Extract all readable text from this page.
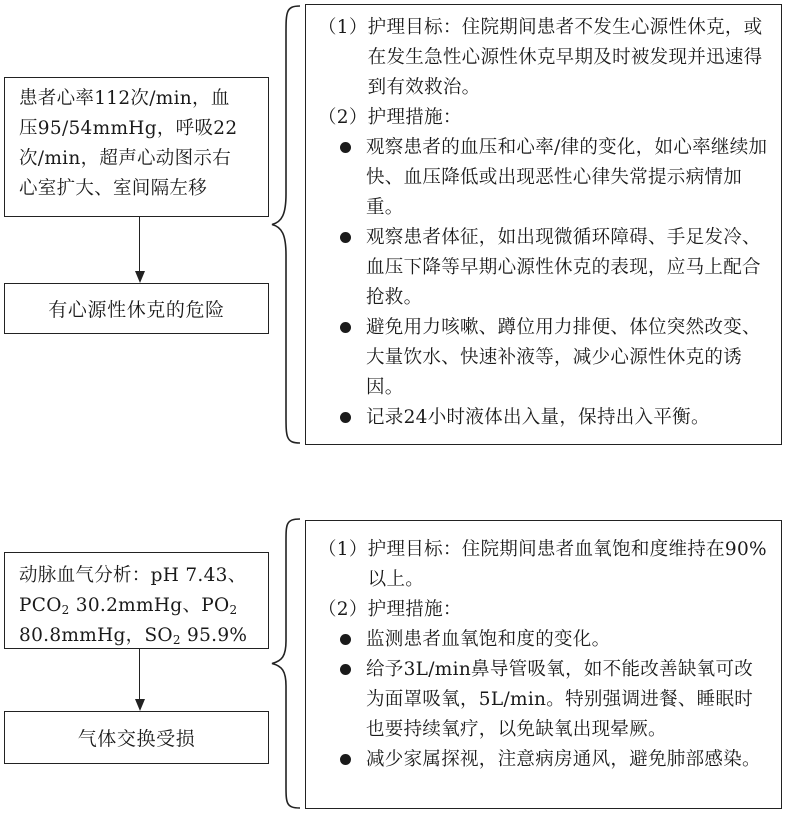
患者心率112次/min，血
压95/54mmHg，呼吸22
次/min，超声心动图示右
心室扩大、室间隔左移
有心源性休克的危险
（1） 护理目标：住院期间患者不发生心源性休克，或在发生急性心源性休克早期及时被发现并迅速得到有效救治。
（2） 护理措施：
观察患者的血压和心率/律的变化，如心率继续加快、血压降低或出现恶性心律失常提示病情加重。
观察患者体征，如出现微循环障碍、手足发冷、血压下降等早期心源性休克的表现，应马上配合抢救。
避免用力咳嗽、蹲位用力排便、体位突然改变、大量饮水、快速补液等，减少心源性休克的诱因。
记录24小时液体出入量，保持出入平衡。
动脉血气分析：pH 7.43、
$PCO_2$ 30.2mmHg、$PO_2$
80.8mmHg，$SO_2$ 95.9%
气体交换受损
（1） 护理目标：住院期间患者血氧饱和度维持在90%以上。
（2） 护理措施：
监测患者血氧饱和度的变化。
给予3L/min鼻导管吸氧，如不能改善缺氧可改为面罩吸氧，5L/min。特别强调进餐、睡眠时也要持续氧疗，以免缺氧出现晕厥。
减少家属探视，注意病房通风，避免肺部感染。
